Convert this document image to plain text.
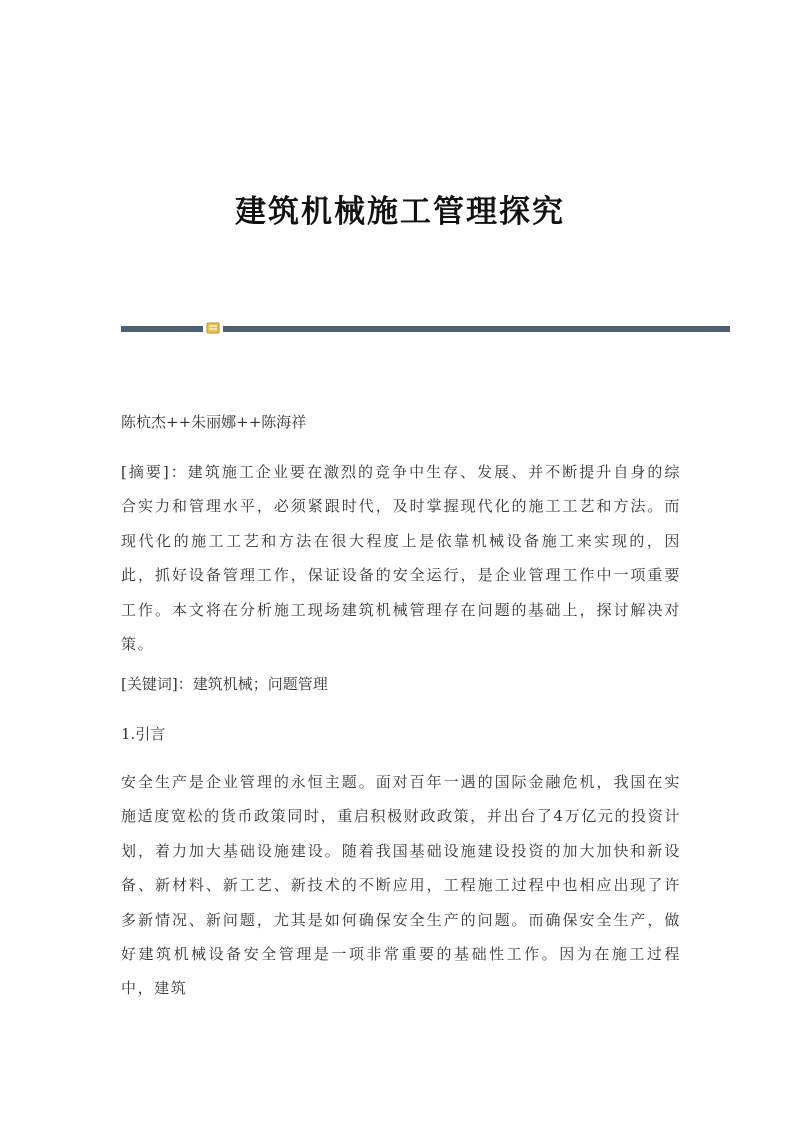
建筑机械施工管理探究

陈杭杰++朱丽娜++陈海祥

[摘要]：建筑施工企业要在激烈的竞争中生存、发展、并不断提升自身的综合实力和管理水平，必须紧跟时代，及时掌握现代化的施工工艺和方法。而现代化的施工工艺和方法在很大程度上是依靠机械设备施工来实现的，因此，抓好设备管理工作，保证设备的安全运行，是企业管理工作中一项重要工作。本文将在分析施工现场建筑机械管理存在问题的基础上，探讨解决对策。

[关键词]：建筑机械；问题管理

1.引言

安全生产是企业管理的永恒主题。面对百年一遇的国际金融危机，我国在实施适度宽松的货币政策同时，重启积极财政政策，并出台了4万亿元的投资计划，着力加大基础设施建设。随着我国基础设施建设投资的加大加快和新设备、新材料、新工艺、新技术的不断应用，工程施工过程中也相应出现了许多新情况、新问题，尤其是如何确保安全生产的问题。而确保安全生产，做好建筑机械设备安全管理是一项非常重要的基础性工作。因为在施工过程中，建筑
